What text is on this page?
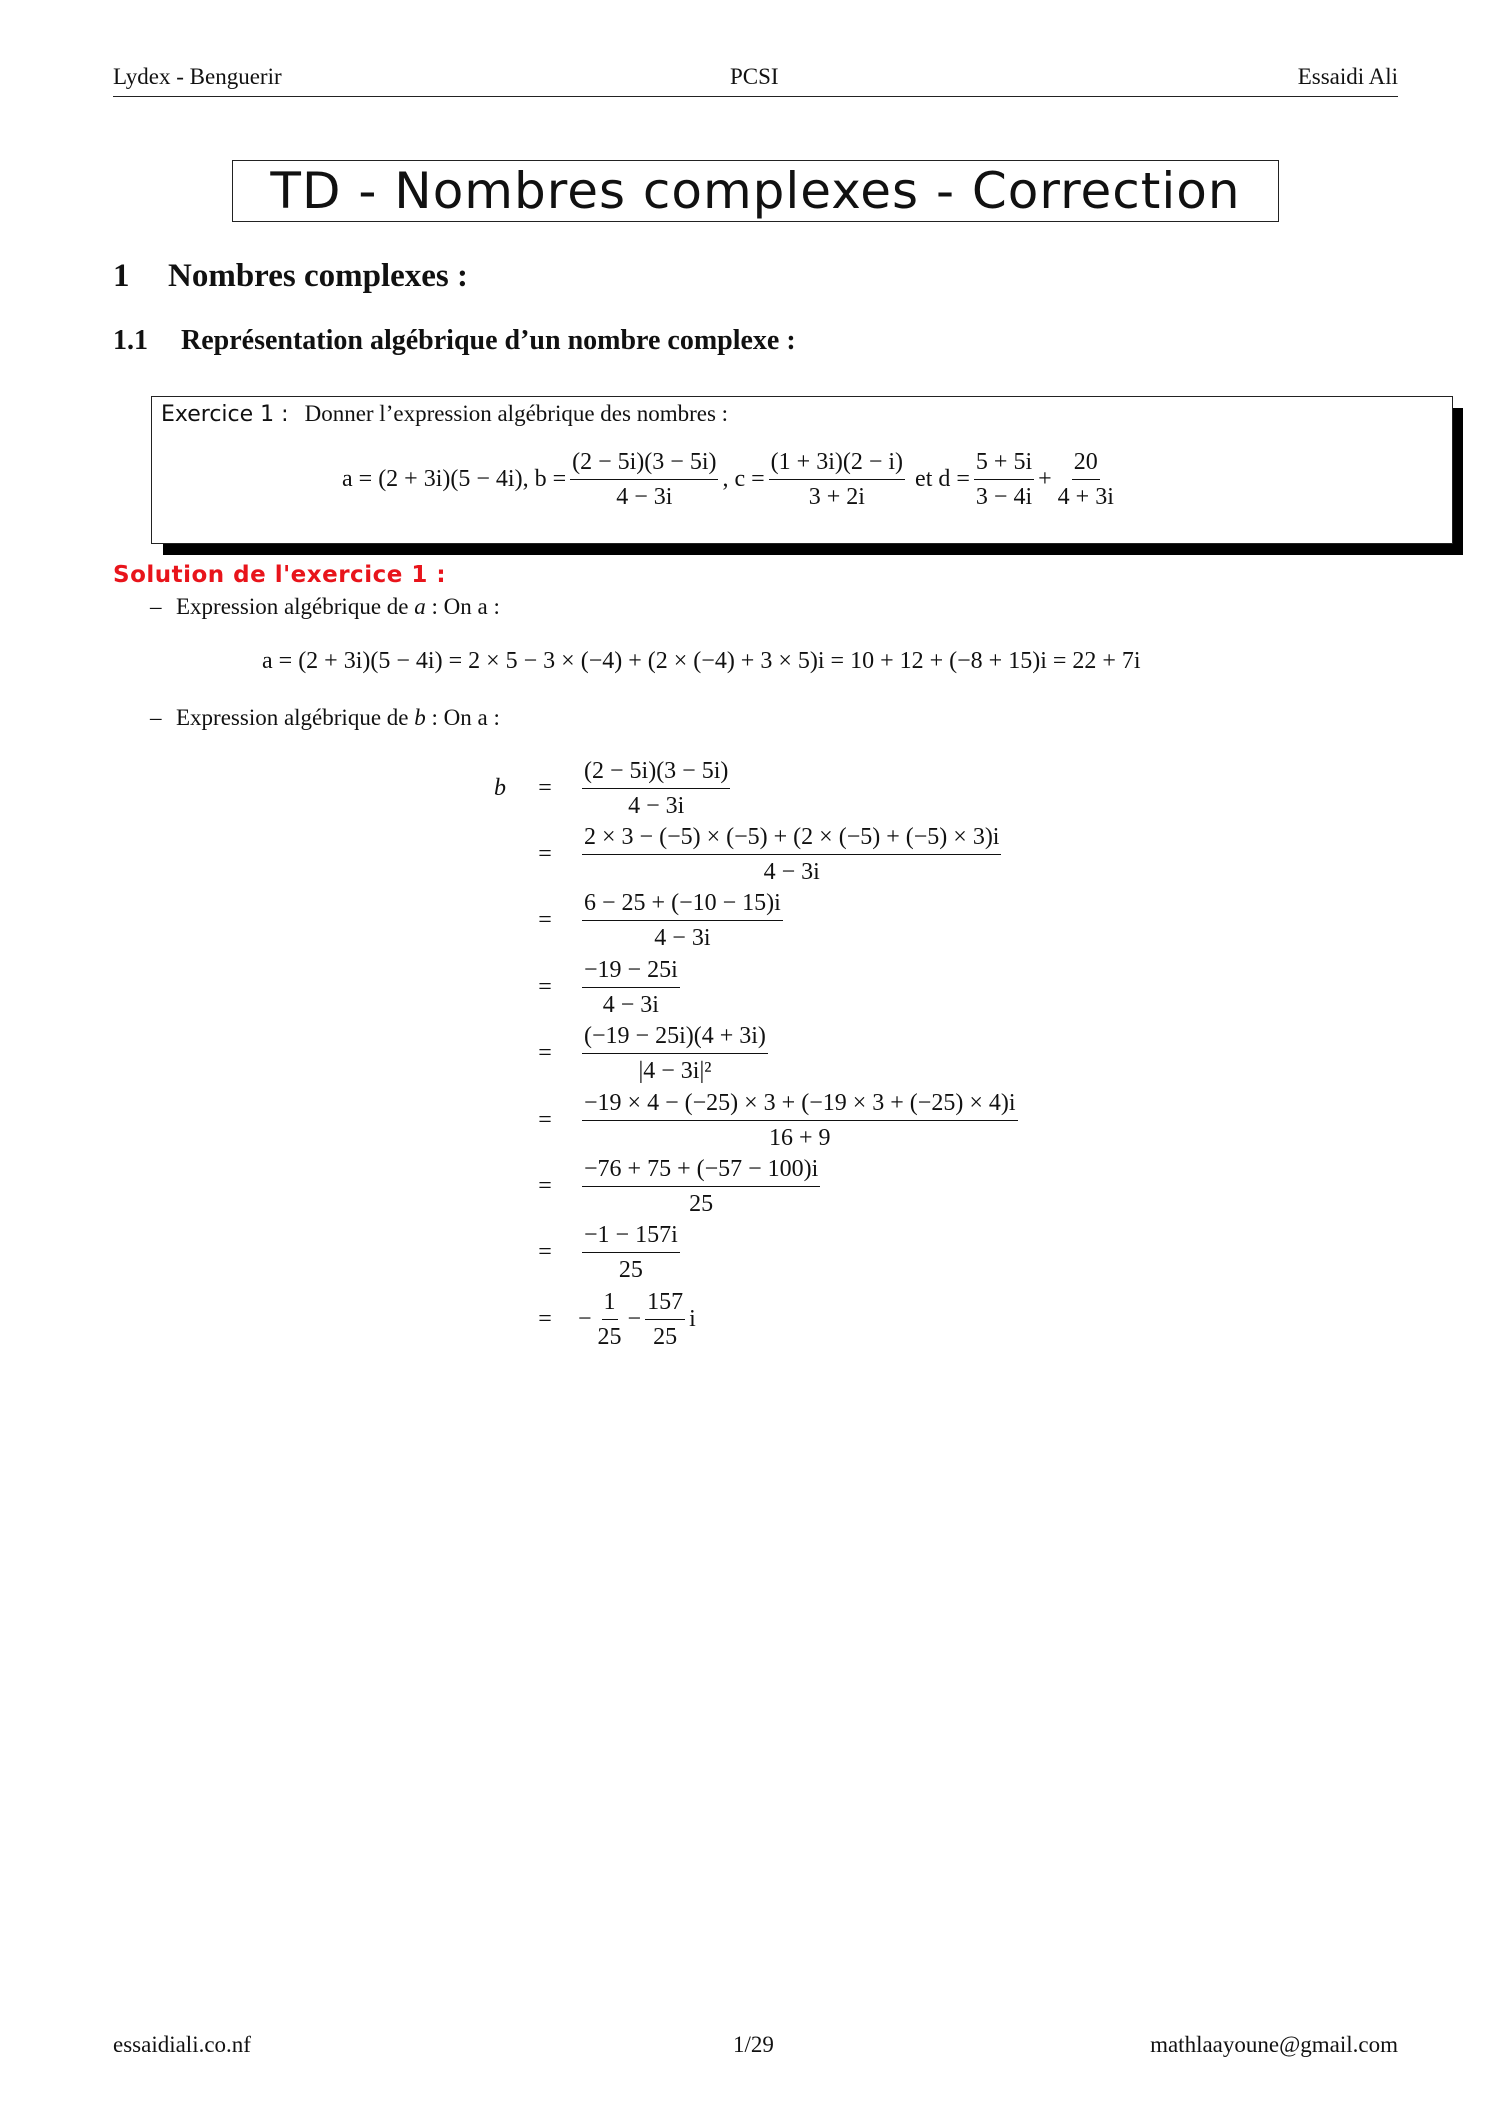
Lydex - Benguerir	PCSI	Essaidi Ali
TD - Nombres complexes - Correction
1 Nombres complexes :
1.1 Représentation algébrique d’un nombre complexe :
Exercice 1 : Donner l’expression algébrique des nombres :
a = (2 + 3i)(5 − 4i), $b = \frac{(2 - 5i)(3 - 5i)}{4 - 3i}$ , $c = \frac{(1 + 3i)(2 - i)}{3 + 2i}$ et $d = \frac{5 + 5i}{3 - 4i} + \frac{20}{4 + 3i}$
Solution de l'exercice 1 :
– Expression algébrique de a : On a :
a = (2 + 3i)(5 − 4i) = 2 × 5 − 3 × (−4) + (2 × (−4) + 3 × 5)i = 10 + 12 + (−8 + 15)i = 22 + 7i
– Expression algébrique de b : On a :
b	=	$\frac{(2 - 5i)(3 - 5i)}{4 - 3i}$
=	$\frac{2 \times 3 - (-5) \times (-5) + (2 \times (-5) + (-5) \times 3)i}{4 - 3i}$
=	$\frac{6 - 25 + (-10 - 15)i}{4 - 3i}$
=	$\frac{-19 - 25i}{4 - 3i}$
=	$\frac{(-19 - 25i)(4 + 3i)}{\text{|4 − 3i|²}}$
=	$\frac{-19 \times 4 - (-25) \times 3 + (-19 \times 3 + (-25) \times 4)i}{16 + 9}$
=	$\frac{-76 + 75 + (-57 - 100)i}{25}$
=	$\frac{-1 - 157i}{25}$
=	− $\frac{1}{25} - \frac{157}{25}$ i
essaidiali.co.nf	1/29	mathlaayoune@gmail.com
